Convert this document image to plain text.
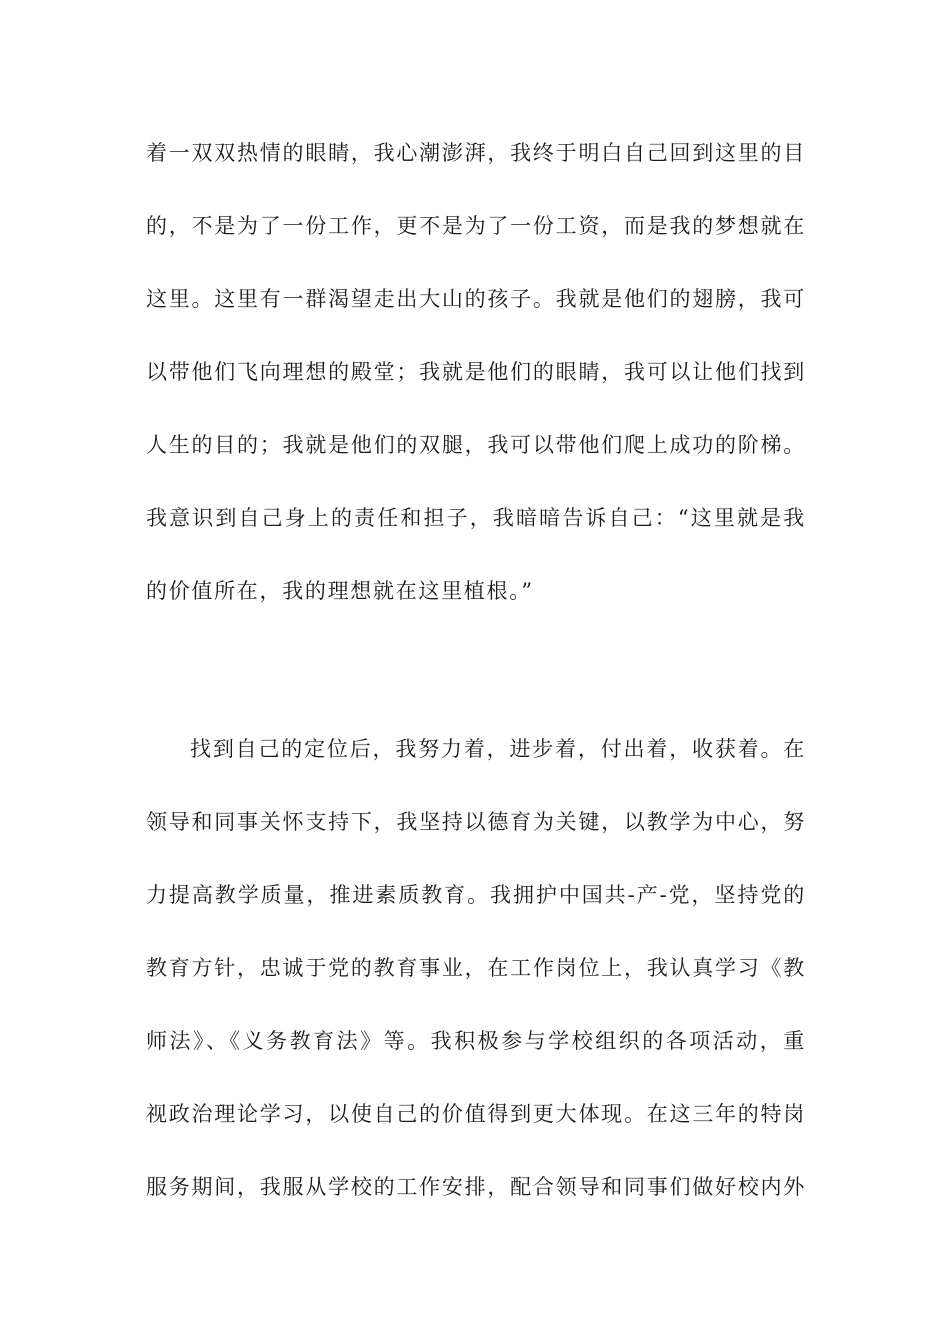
着一双双热情的眼睛，我心潮澎湃，我终于明白自己回到这里的目
的，不是为了一份工作，更不是为了一份工资，而是我的梦想就在
这里。这里有一群渴望走出大山的孩子。我就是他们的翅膀，我可
以带他们飞向理想的殿堂；我就是他们的眼睛，我可以让他们找到
人生的目的；我就是他们的双腿，我可以带他们爬上成功的阶梯。
我意识到自己身上的责任和担子，我暗暗告诉自己：“这里就是我
的价值所在，我的理想就在这里植根。”
找到自己的定位后，我努力着，进步着，付出着，收获着。在
领导和同事关怀支持下，我坚持以德育为关键，以教学为中心，努
力提高教学质量，推进素质教育。我拥护中国共-产-党，坚持党的
教育方针，忠诚于党的教育事业，在工作岗位上，我认真学习《教
师法》、《义务教育法》等。我积极参与学校组织的各项活动，重
视政治理论学习，以使自己的价值得到更大体现。在这三年的特岗
服务期间，我服从学校的工作安排，配合领导和同事们做好校内外
